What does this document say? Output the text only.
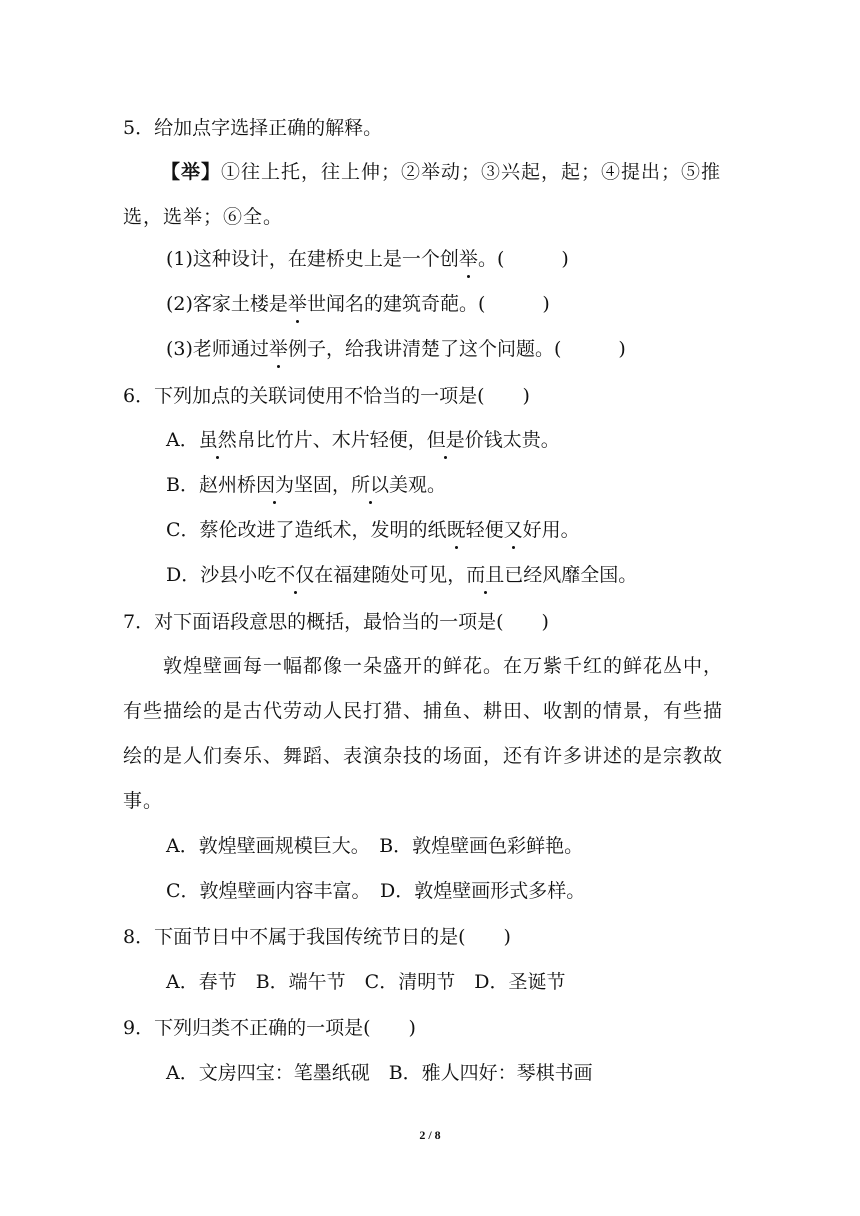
5．给加点字选择正确的解释。
【举】①往上托，往上伸；②举动；③兴起，起；④提出；⑤推
选，选举；⑥全。
(1)这种设计，在建桥史上是一个创举。(　　　)
(2)客家土楼是举世闻名的建筑奇葩。(　　　)
(3)老师通过举例子，给我讲清楚了这个问题。(　　　)
6．下列加点的关联词使用不恰当的一项是(　　)
A．虽然帛比竹片、木片轻便，但是价钱太贵。
B．赵州桥因为坚固，所以美观。
C．蔡伦改进了造纸术，发明的纸既轻便又好用。
D．沙县小吃不仅在福建随处可见，而且已经风靡全国。
7．对下面语段意思的概括，最恰当的一项是(　　)
　　敦煌壁画每一幅都像一朵盛开的鲜花。在万紫千红的鲜花丛中，
有些描绘的是古代劳动人民打猎、捕鱼、耕田、收割的情景，有些描
绘的是人们奏乐、舞蹈、表演杂技的场面，还有许多讲述的是宗教故
事。
A．敦煌壁画规模巨大。　B．敦煌壁画色彩鲜艳。
C．敦煌壁画内容丰富。　D．敦煌壁画形式多样。
8．下面节日中不属于我国传统节日的是(　　)
A．春节　B．端午节　C．清明节　D．圣诞节
9．下列归类不正确的一项是(　　)
A．文房四宝：笔墨纸砚　B．雅人四好：琴棋书画
2 / 8
